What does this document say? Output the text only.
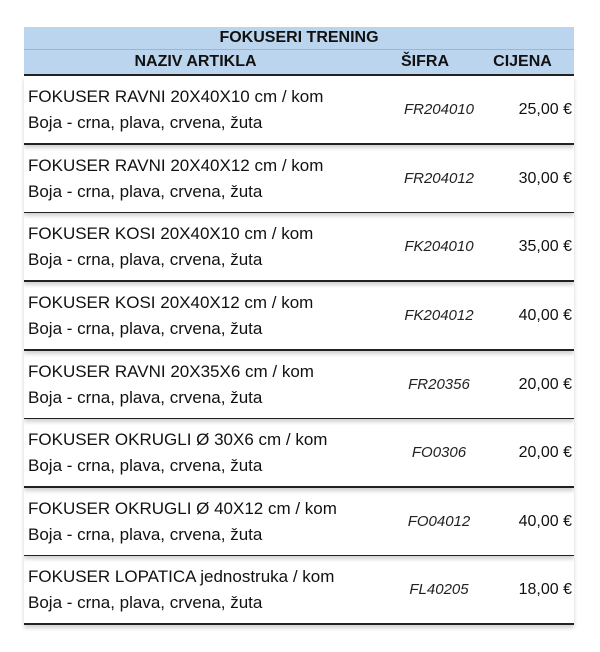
FOKUSERI TRENING
NAZIV ARTIKLA	ŠIFRA	CIJENA
FOKUSER RAVNI 20X40X10 cm / kom
Boja - crna, plava, crvena, žuta
FR204010	25,00 €
FOKUSER RAVNI 20X40X12 cm / kom
Boja - crna, plava, crvena, žuta
FR204012	30,00 €
FOKUSER KOSI 20X40X10 cm / kom
Boja - crna, plava, crvena, žuta
FK204010	35,00 €
FOKUSER KOSI 20X40X12 cm / kom
Boja - crna, plava, crvena, žuta
FK204012	40,00 €
FOKUSER RAVNI 20X35X6 cm / kom
Boja - crna, plava, crvena, žuta
FR20356	20,00 €
FOKUSER OKRUGLI Ø 30X6 cm / kom
Boja - crna, plava, crvena, žuta
FO0306	20,00 €
FOKUSER OKRUGLI Ø 40X12 cm / kom
Boja - crna, plava, crvena, žuta
FO04012	40,00 €
FOKUSER LOPATICA jednostruka / kom
Boja - crna, plava, crvena, žuta
FL40205	18,00 €
